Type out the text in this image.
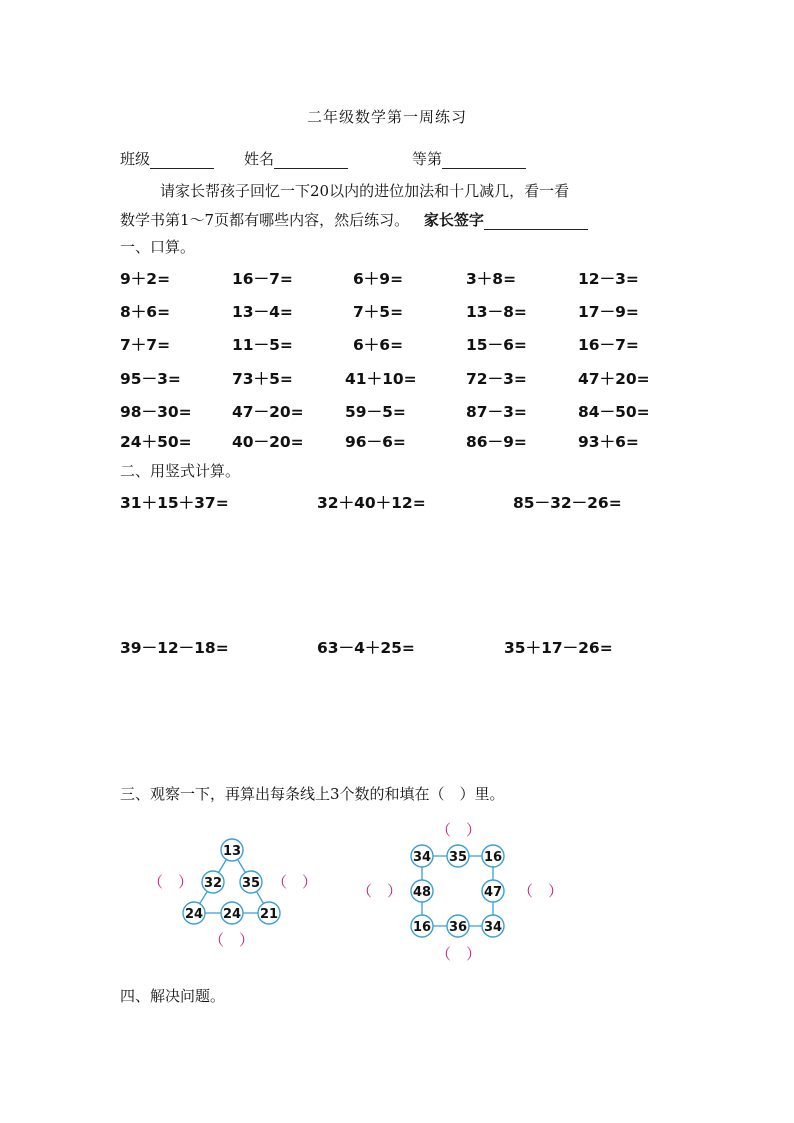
二年级数学第一周练习
班级	姓名	等第
请家长帮孩子回忆一下20以内的进位加法和十几减几，看一看
数学书第1～7页都有哪些内容，然后练习。 家长签字
一、口算。
9＋2=	16－7=	6＋9=	3＋8=	12－3=
8＋6=	13－4=	7＋5=	13－8=	17－9=
7＋7=	11－5=	6＋6=	15－6=	16－7=
95－3=	73＋5=	41＋10=	72－3=	47＋20=
98－30=	47－20=	59－5=	87－3=	84－50=
24＋50=	40－20=	96－6=	86－9=	93＋6=
二、用竖式计算。
31＋15＋37=	32＋40＋12=	85－32－26=
39－12－18=	63－4＋25=	35＋17－26=
三、观察一下，再算出每条线上3个数的和填在（　）里。
（　）	（　）
（　）
（　）
（　）	（　）
（　）
13
32 35
24 24 21
34 35 16
48	47
16 36 34
四、解决问题。
